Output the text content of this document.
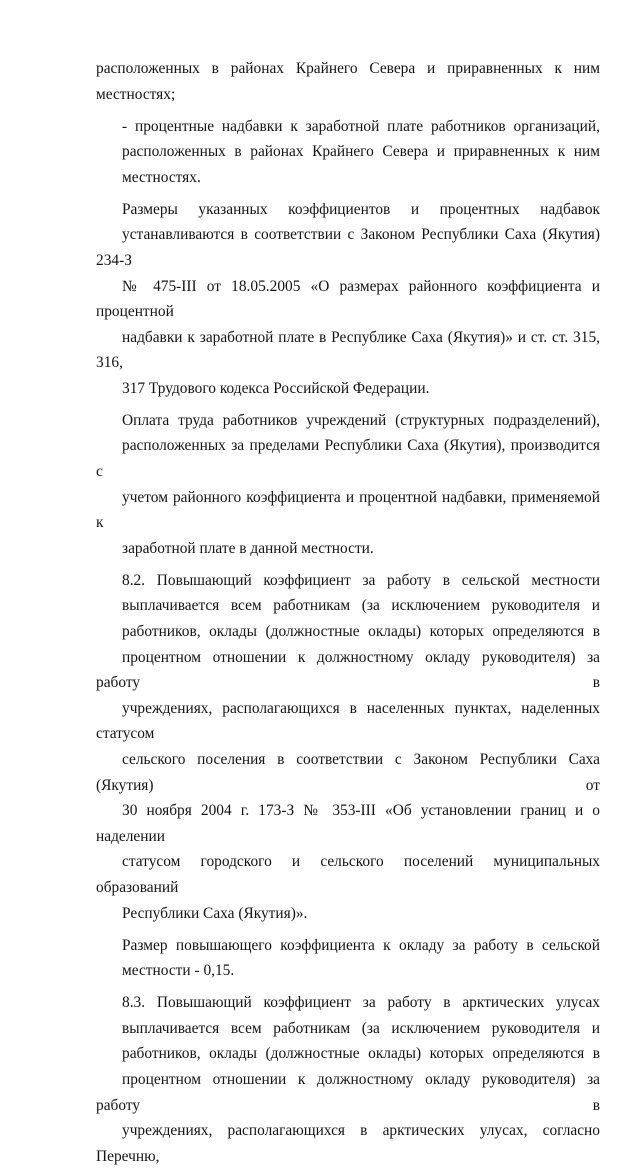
расположенных в районах Крайнего Севера и приравненных к ним
местностях;
- процентные надбавки к заработной плате работников организаций,
расположенных в районах Крайнего Севера и приравненных к ним
местностях.
Размеры указанных коэффициентов и процентных надбавок
устанавливаются в соответствии с Законом Республики Саха (Якутия) 234-З
№ 475-III от 18.05.2005 «О размерах районного коэффициента и процентной
надбавки к заработной плате в Республике Саха (Якутия)» и ст. ст. 315, 316,
317 Трудового кодекса Российской Федерации.
Оплата труда работников учреждений (структурных подразделений),
расположенных за пределами Республики Саха (Якутия), производится с
учетом районного коэффициента и процентной надбавки, применяемой к
заработной плате в данной местности.
8.2. Повышающий коэффициент за работу в сельской местности
выплачивается всем работникам (за исключением руководителя и
работников, оклады (должностные оклады) которых определяются в
процентном отношении к должностному окладу руководителя) за работу в
учреждениях, располагающихся в населенных пунктах, наделенных статусом
сельского поселения в соответствии с Законом Республики Саха (Якутия) от
30 ноября 2004 г. 173-З № 353-III «Об установлении границ и о наделении
статусом городского и сельского поселений муниципальных образований
Республики Саха (Якутия)».
Размер повышающего коэффициента к окладу за работу в сельской
местности - 0,15.
8.3. Повышающий коэффициент за работу в арктических улусах
выплачивается всем работникам (за исключением руководителя и
работников, оклады (должностные оклады) которых определяются в
процентном отношении к должностному окладу руководителя) за работу в
учреждениях, располагающихся в арктических улусах, согласно Перечню,
